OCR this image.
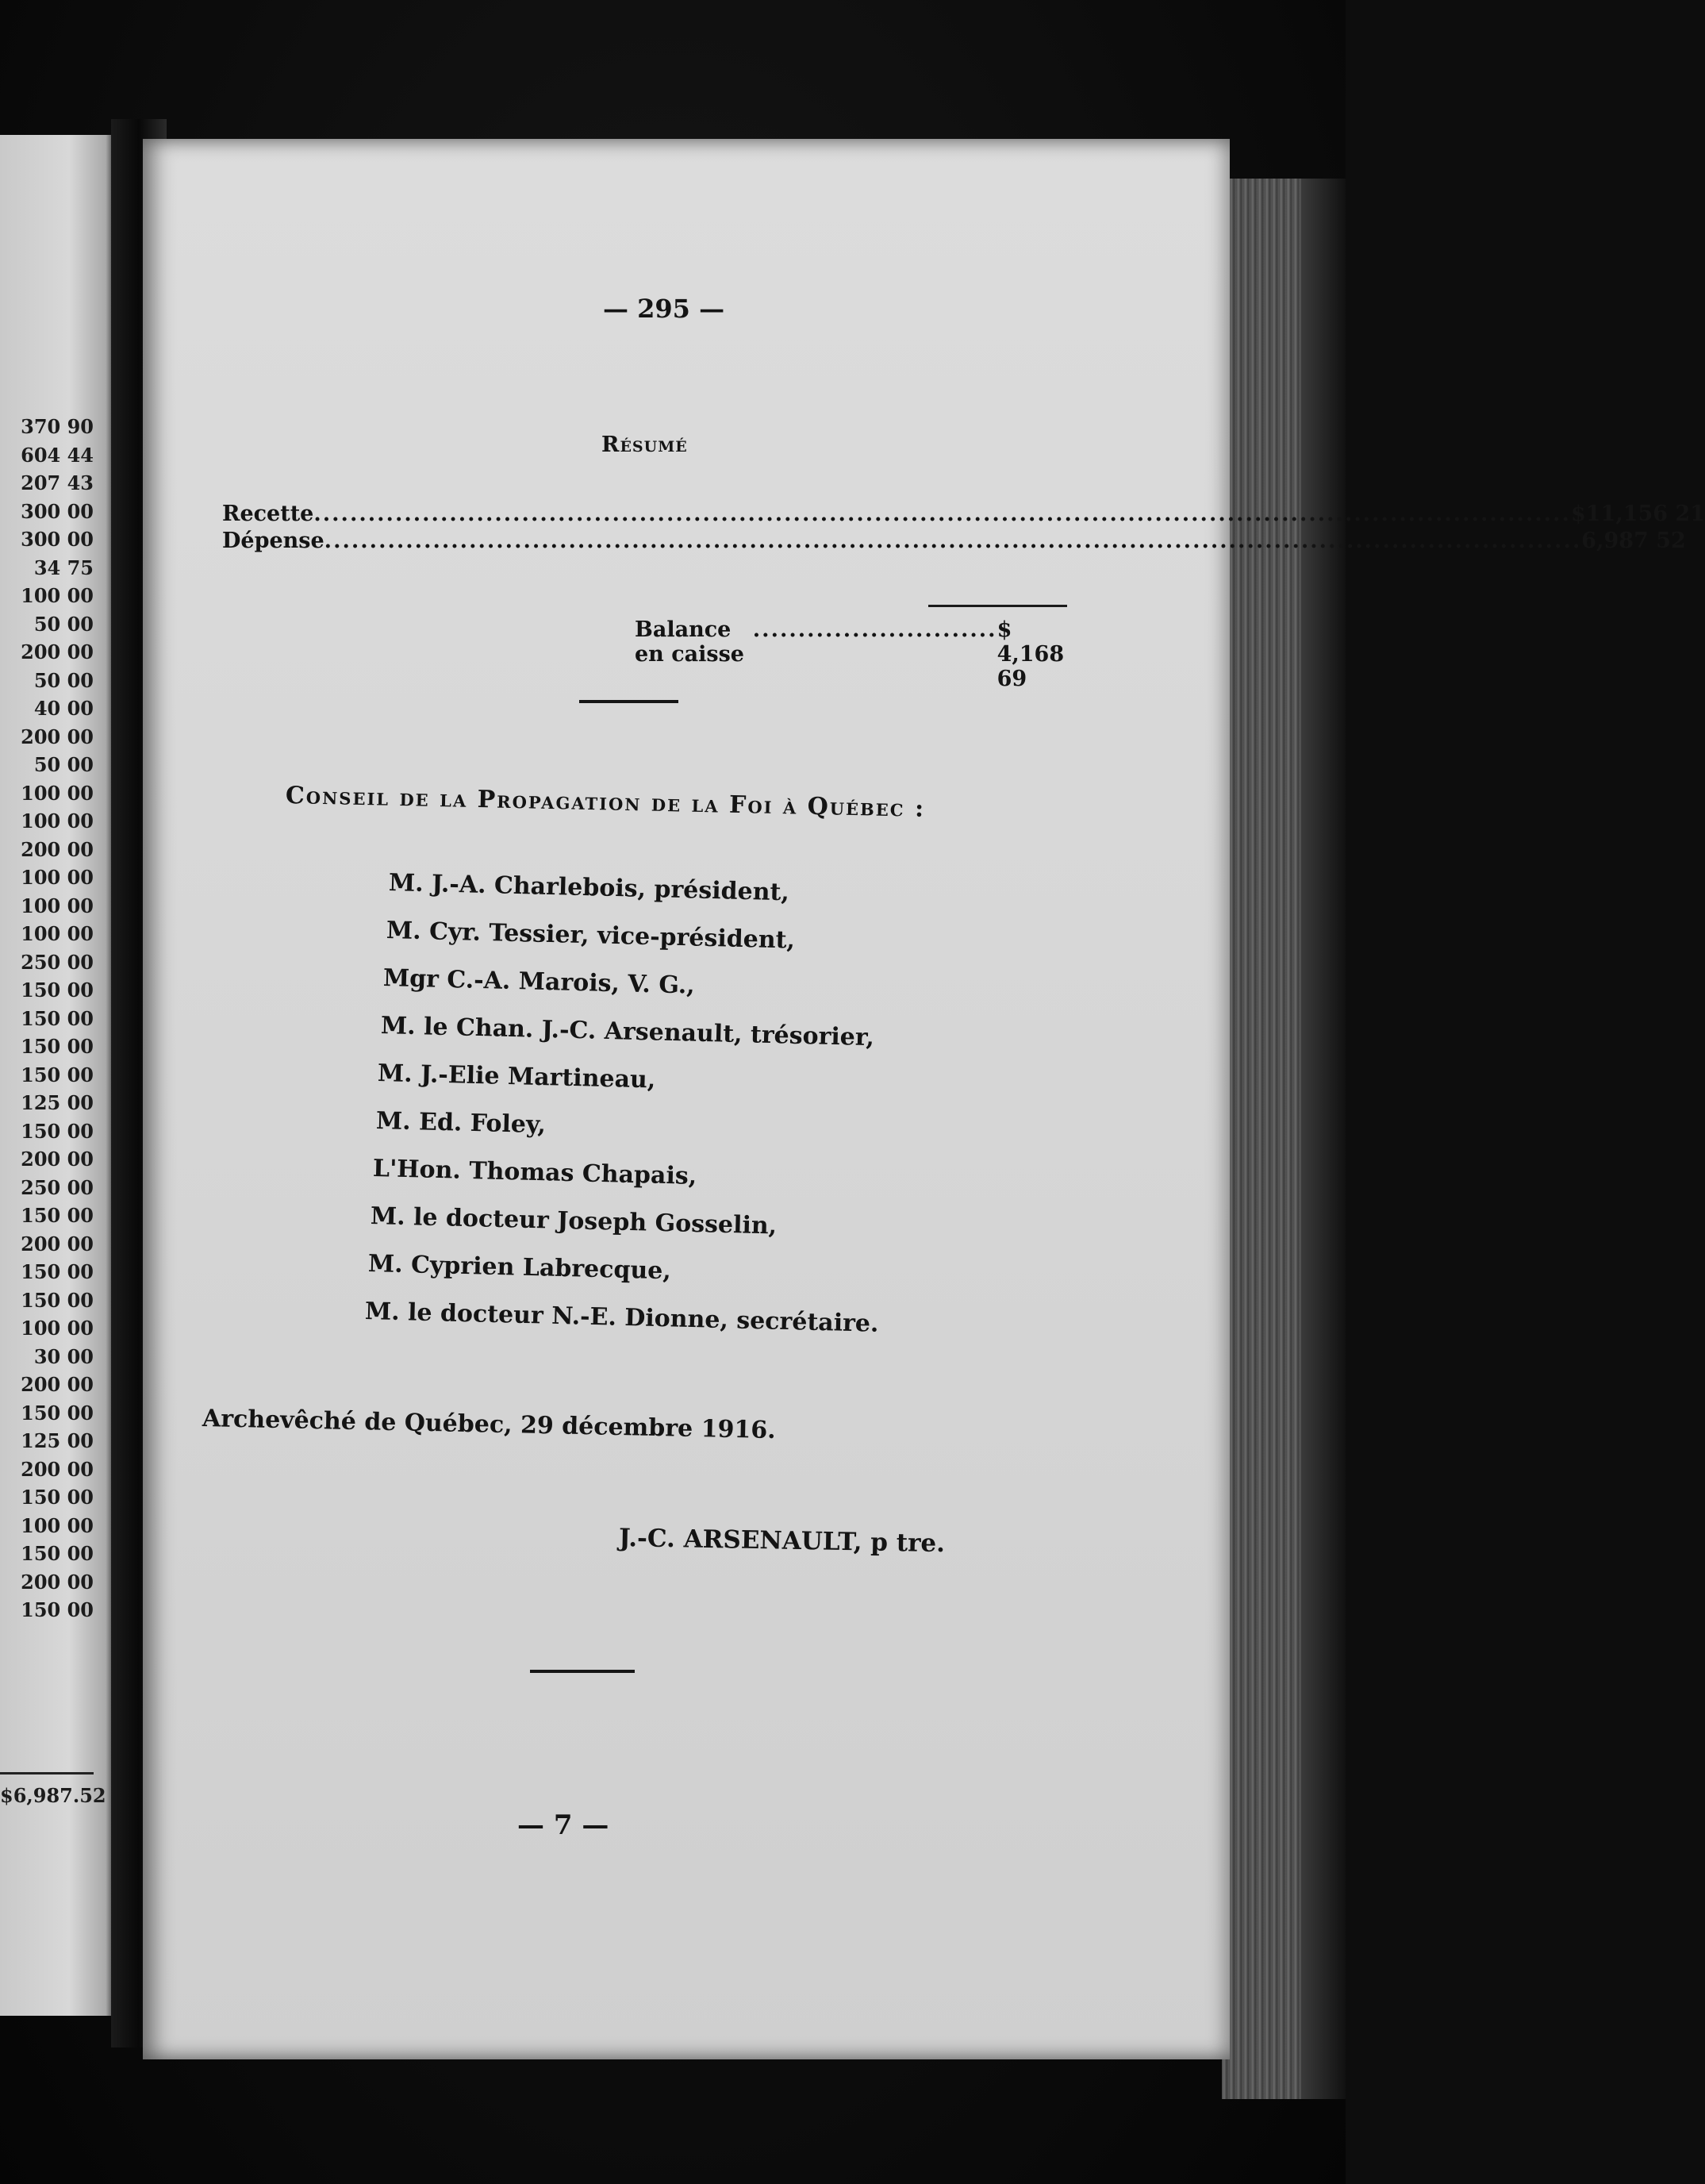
370 90
604 44
207 43
300 00
300 00
34 75
100 00
50 00
200 00
50 00
40 00
200 00
50 00
100 00
100 00
200 00
100 00
100 00
100 00
250 00
150 00
150 00
150 00
150 00
125 00
150 00
200 00
250 00
150 00
200 00
150 00
150 00
100 00
30 00
200 00
150 00
125 00
200 00
150 00
100 00
150 00
200 00
150 00
$6,987.52
— 295 —
Résumé
Recette ........................................................................................................................................... $11,156 21
Dépense ........................................................................................................................................... 6,987 52
Balance en caisse
........................... $ 4,168 69
Conseil de la Propagation de la Foi à Québec :
M. J.-A. Charlebois, président,
M. Cyr. Tessier, vice-président,
Mgr C.-A. Marois, V. G.,
M. le Chan. J.-C. Arsenault, trésorier,
M. J.-Elie Martineau,
M. Ed. Foley,
L'Hon. Thomas Chapais,
M. le docteur Joseph Gosselin,
M. Cyprien Labrecque,
M. le docteur N.-E. Dionne, secrétaire.
Archevêché de Québec, 29 décembre 1916.
J.-C. ARSENAULT, p tre.
— 7 —
